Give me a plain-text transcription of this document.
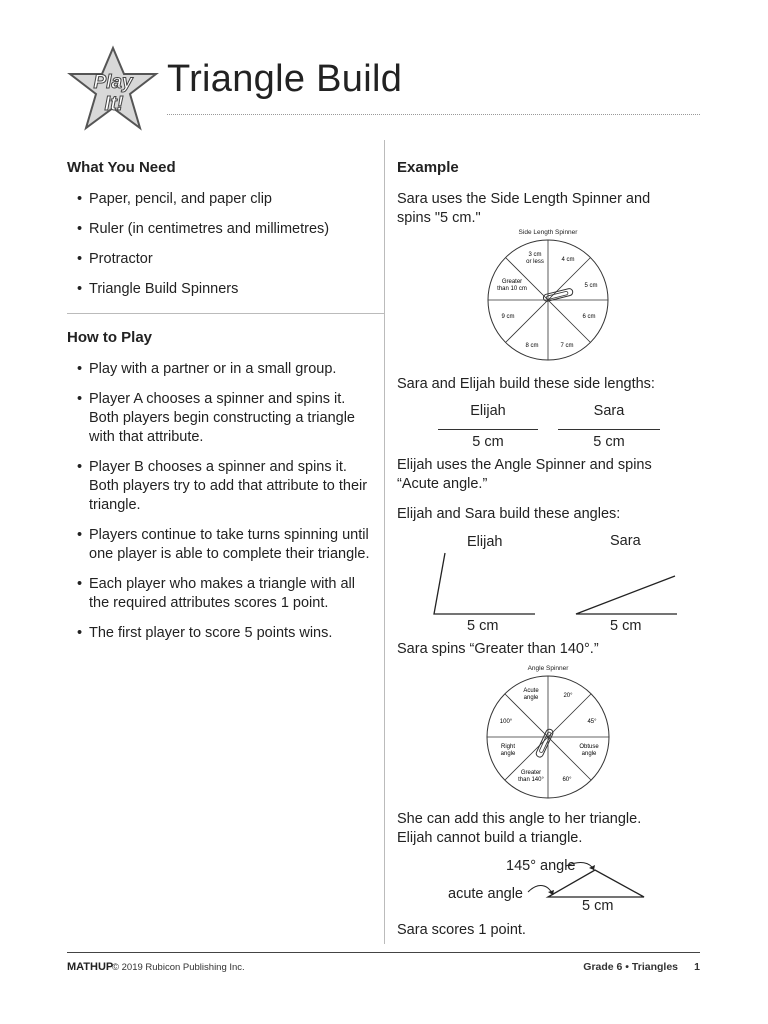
Play
It!
Triangle Build
What You Need
• Paper, pencil, and paper clip
• Ruler (in centimetres and millimetres)
• Protractor
• Triangle Build Spinners
How to Play
• Play with a partner or in a small group.
• Player A chooses a spinner and spins it. Both players begin constructing a triangle with that attribute.
• Player B chooses a spinner and spins it. Both players try to add that attribute to their triangle.
• Players continue to take turns spinning until one player is able to complete their triangle.
• Each player who makes a triangle with all the required attributes scores 1 point.
• The first player to score 5 points wins.
Example
Sara uses the Side Length Spinner and spins "5 cm."
Side Length Spinner
3 cm or less	4 cm
5 cm
6 cm
7 cm
8 cm
9 cm
Greater than 10 cm
Sara and Elijah build these side lengths:
Elijah	Sara
5 cm	5 cm
Elijah uses the Angle Spinner and spins “Acute angle.”
Elijah and Sara build these angles:
Elijah	Sara
5 cm	5 cm
Sara spins “Greater than 140°.”
Angle Spinner
Acute angle	20°
45°
Obtuse angle
60°
Greater than 140°
Right angle
100°
She can add this angle to her triangle.
Elijah cannot build a triangle.
145° angle
acute angle
5 cm
Sara scores 1 point.
MATHUP
© 2019 Rubicon Publishing Inc.	Grade 6 • Triangles 1
